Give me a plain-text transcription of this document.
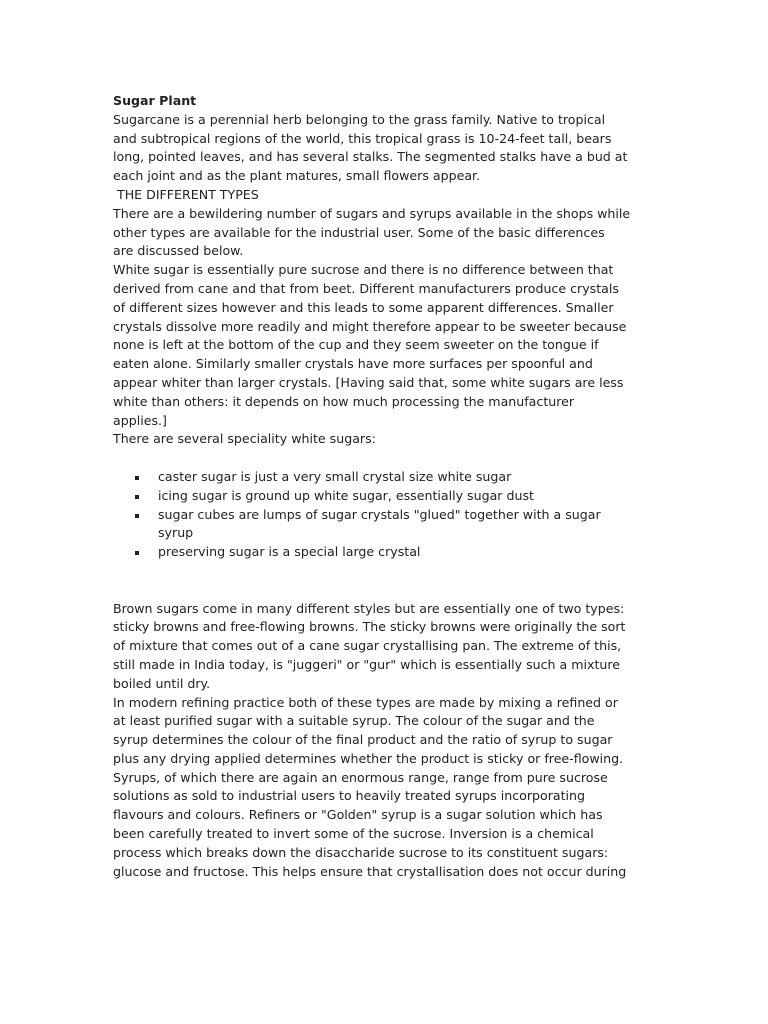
Sugar Plant
Sugarcane is a perennial herb belonging to the grass family. Native to tropical
and subtropical regions of the world, this tropical grass is 10-24-feet tall, bears
long, pointed leaves, and has several stalks. The segmented stalks have a bud at
each joint and as the plant matures, small flowers appear.
THE DIFFERENT TYPES
There are a bewildering number of sugars and syrups available in the shops while
other types are available for the industrial user. Some of the basic differences
are discussed below.
White sugar is essentially pure sucrose and there is no difference between that
derived from cane and that from beet. Different manufacturers produce crystals
of different sizes however and this leads to some apparent differences. Smaller
crystals dissolve more readily and might therefore appear to be sweeter because
none is left at the bottom of the cup and they seem sweeter on the tongue if
eaten alone. Similarly smaller crystals have more surfaces per spoonful and
appear whiter than larger crystals. [Having said that, some white sugars are less
white than others: it depends on how much processing the manufacturer
applies.]
There are several speciality white sugars:
caster sugar is just a very small crystal size white sugar
icing sugar is ground up white sugar, essentially sugar dust
sugar cubes are lumps of sugar crystals "glued" together with a sugar
syrup
preserving sugar is a special large crystal
Brown sugars come in many different styles but are essentially one of two types:
sticky browns and free-flowing browns. The sticky browns were originally the sort
of mixture that comes out of a cane sugar crystallising pan. The extreme of this,
still made in India today, is "juggeri" or "gur" which is essentially such a mixture
boiled until dry.
In modern refining practice both of these types are made by mixing a refined or
at least purified sugar with a suitable syrup. The colour of the sugar and the
syrup determines the colour of the final product and the ratio of syrup to sugar
plus any drying applied determines whether the product is sticky or free-flowing.
Syrups, of which there are again an enormous range, range from pure sucrose
solutions as sold to industrial users to heavily treated syrups incorporating
flavours and colours. Refiners or "Golden" syrup is a sugar solution which has
been carefully treated to invert some of the sucrose. Inversion is a chemical
process which breaks down the disaccharide sucrose to its constituent sugars:
glucose and fructose. This helps ensure that crystallisation does not occur during
